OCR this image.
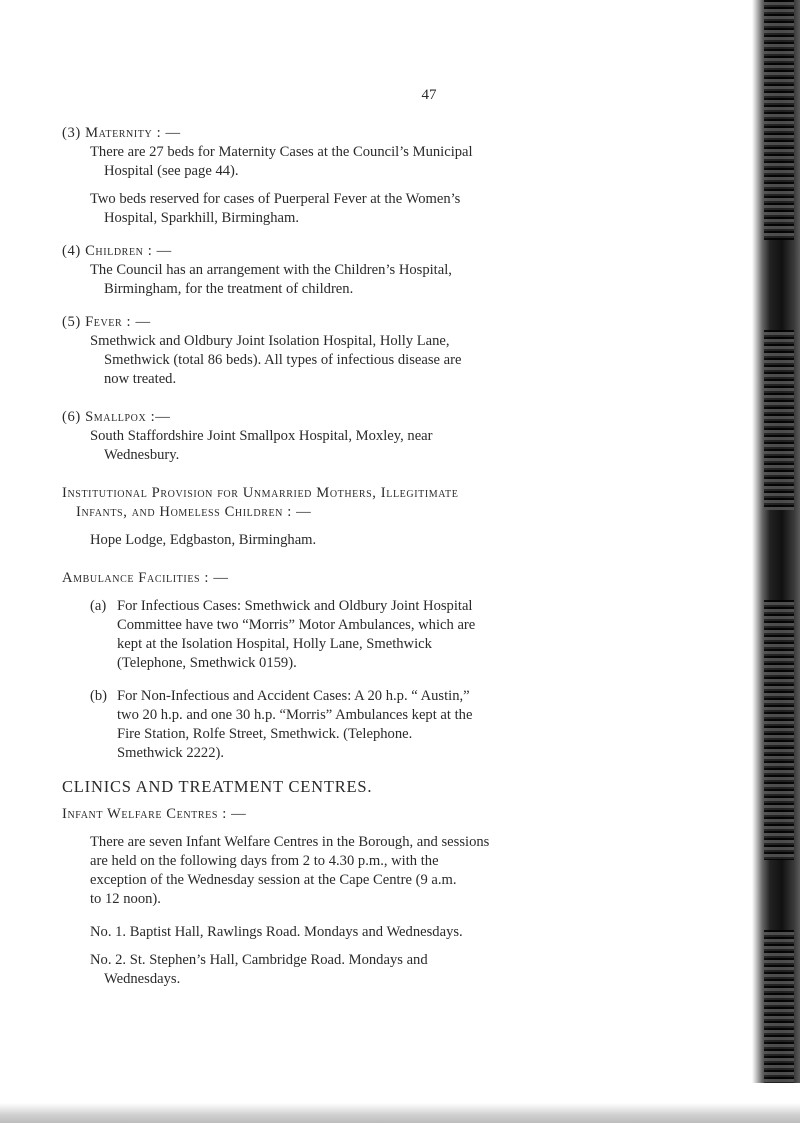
47
(3) Maternity : —
There are 27 beds for Maternity Cases at the Council’s Municipal
Hospital (see page 44).
Two beds reserved for cases of Puerperal Fever at the Women’s
Hospital, Sparkhill, Birmingham.
(4) Children : —
The Council has an arrangement with the Children’s Hospital,
Birmingham, for the treatment of children.
(5) Fever : —
Smethwick and Oldbury Joint Isolation Hospital, Holly Lane,
Smethwick (total 86 beds). All types of infectious disease are
now treated.
(6) Smallpox :—
South Staffordshire Joint Smallpox Hospital, Moxley, near
Wednesbury.
Institutional Provision for Unmarried Mothers, Illegitimate
Infants, and Homeless Children : —
Hope Lodge, Edgbaston, Birmingham.
Ambulance Facilities : —
(a) For Infectious Cases: Smethwick and Oldbury Joint Hospital
Committee have two “Morris” Motor Ambulances, which are
kept at the Isolation Hospital, Holly Lane, Smethwick
(Telephone, Smethwick 0159).
(b) For Non-Infectious and Accident Cases: A 20 h.p. “ Austin,”
two 20 h.p. and one 30 h.p. “Morris” Ambulances kept at the
Fire Station, Rolfe Street, Smethwick. (Telephone.
Smethwick 2222).
CLINICS AND TREATMENT CENTRES.
Infant Welfare Centres : —
There are seven Infant Welfare Centres in the Borough, and sessions
are held on the following days from 2 to 4.30 p.m., with the
exception of the Wednesday session at the Cape Centre (9 a.m.
to 12 noon).
No. 1. Baptist Hall, Rawlings Road. Mondays and Wednesdays.
No. 2. St. Stephen’s Hall, Cambridge Road. Mondays and
Wednesdays.
